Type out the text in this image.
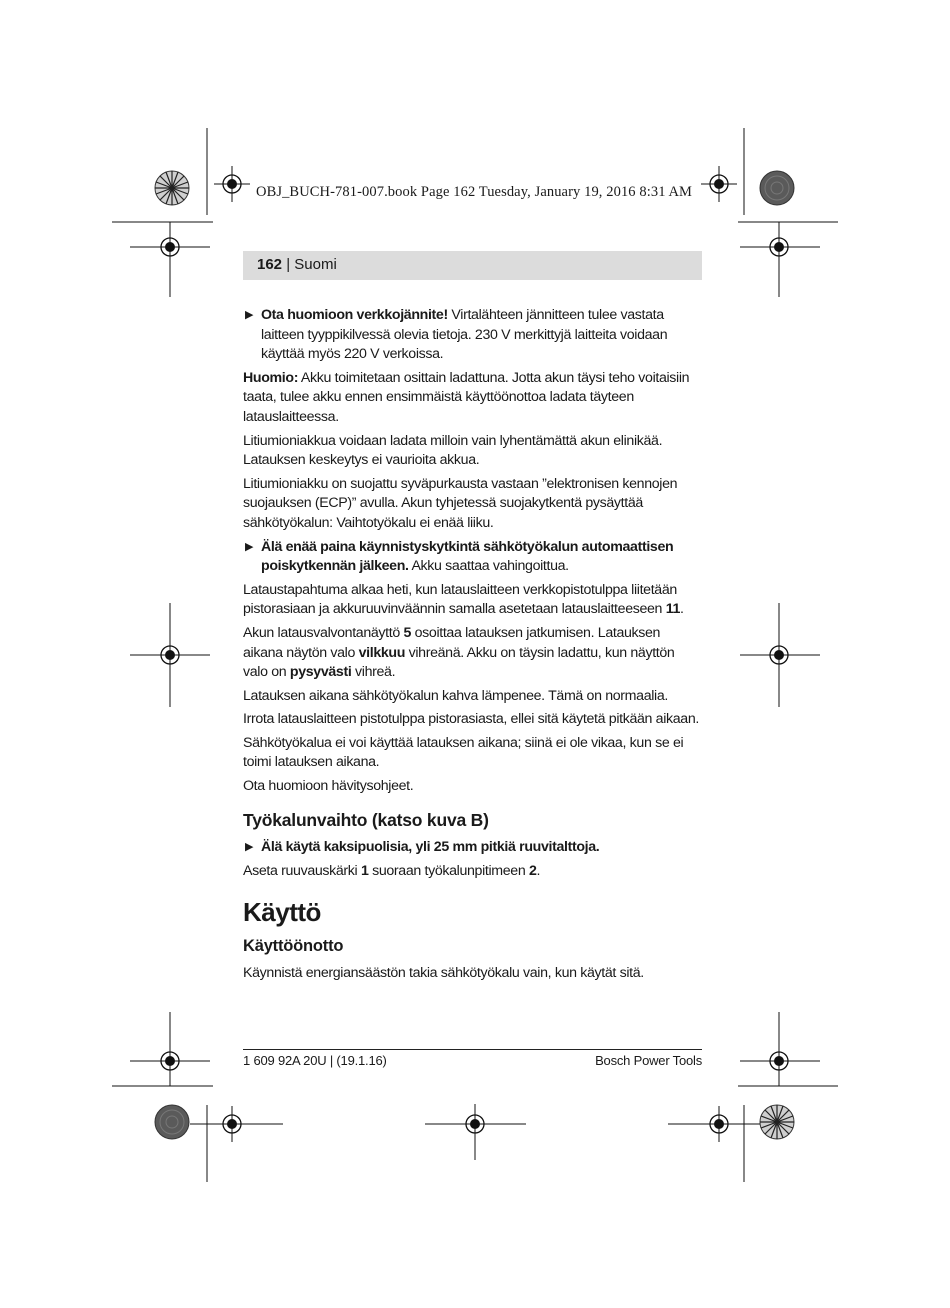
OBJ_BUCH-781-007.book Page 162 Tuesday, January 19, 2016 8:31 AM
162 | Suomi
▶ Ota huomioon verkkojännite! Virtalähteen jännitteen tulee vastata laitteen tyyppikilvessä olevia tietoja. 230 V merkittyjä laitteita voidaan käyttää myös 220 V verkoissa.
Huomio: Akku toimitetaan osittain ladattuna. Jotta akun täysi teho voitaisiin taata, tulee akku ennen ensimmäistä käyttöönottoa ladata täyteen latauslaitteessa.
Litiumioniakkua voidaan ladata milloin vain lyhentämättä akun elinikää. Latauksen keskeytys ei vaurioita akkua.
Litiumioniakku on suojattu syväpurkausta vastaan ”elektronisen kennojen suojauksen (ECP)” avulla. Akun tyhjetessä suojakytkentä pysäyttää sähkötyökalun: Vaihtotyökalu ei enää liiku.
▶ Älä enää paina käynnistyskytkintä sähkötyökalun automaattisen poiskytkennän jälkeen. Akku saattaa vahingoittua.
Lataustapahtuma alkaa heti, kun latauslaitteen verkkopistotulppa liitetään pistorasiaan ja akkuruuvinväännin samalla asetetaan latauslaitteeseen 11.
Akun latausvalvontanäyttö 5 osoittaa latauksen jatkumisen. Latauksen aikana näytön valo vilkkuu vihreänä. Akku on täysin ladattu, kun näyttön valo on pysyvästi vihreä.
Latauksen aikana sähkötyökalun kahva lämpenee. Tämä on normaalia.
Irrota latauslaitteen pistotulppa pistorasiasta, ellei sitä käytetä pitkään aikaan.
Sähkötyökalua ei voi käyttää latauksen aikana; siinä ei ole vikaa, kun se ei toimi latauksen aikana.
Ota huomioon hävitysohjeet.
Työkalunvaihto (katso kuva B)
▶ Älä käytä kaksipuolisia, yli 25 mm pitkiä ruuvitalttoja.
Aseta ruuvauskärki 1 suoraan työkalunpitimeen 2.
Käyttö
Käyttöönotto
Käynnistä energiansäästön takia sähkötyökalu vain, kun käytät sitä.
1 609 92A 20U | (19.1.16)	Bosch Power Tools
